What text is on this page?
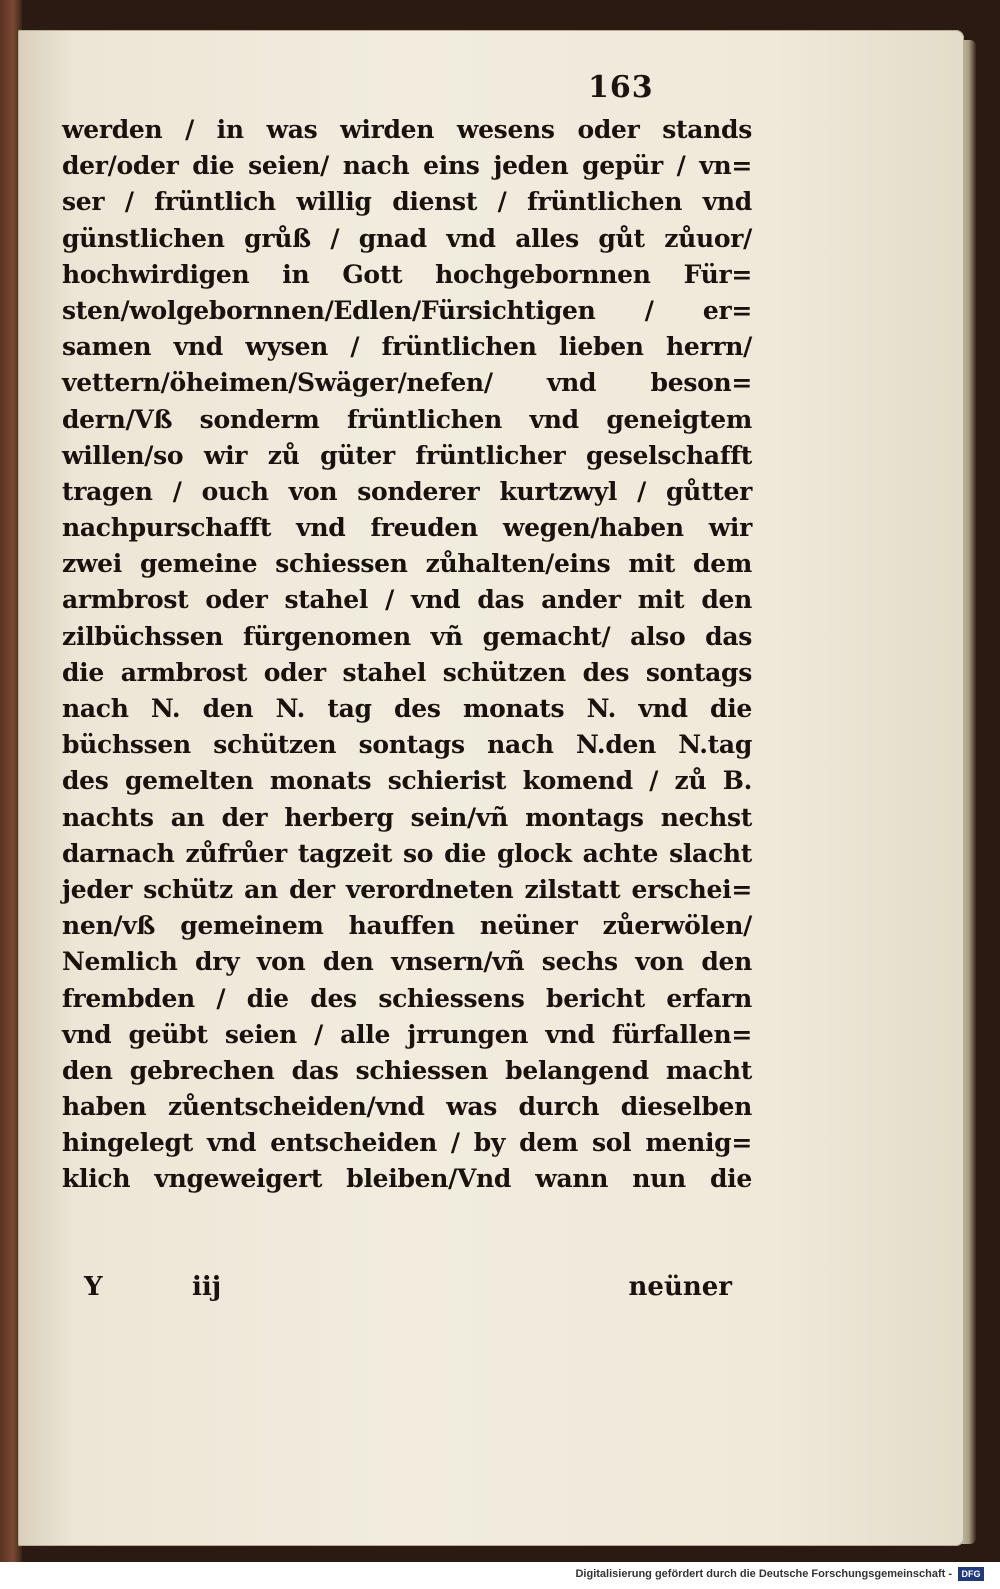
163
werden / in was wirden wesens oder stands
der/oder die seien/ nach eins jeden gepür / vn=
ser / früntlich willig dienst / früntlichen vnd
günstlichen grůß / gnad vnd alles gůt zůuor/
hochwirdigen in Gott hochgebornnen Für=
sten/wolgebornnen/Edlen/Fürsichtigen / er=
samen vnd wysen / früntlichen lieben herrn/
vettern/öheimen/Swäger/nefen/ vnd beson=
dern/Vß sonderm früntlichen vnd geneigtem
willen/so wir zů güter früntlicher geselschafft
tragen / ouch von sonderer kurtzwyl / gůtter
nachpurschafft vnd freuden wegen/haben wir
zwei gemeine schiessen zůhalten/eins mit dem
armbrost oder stahel / vnd das ander mit den
zilbüchssen fürgenomen vñ gemacht/ also das
die armbrost oder stahel schützen des sontags
nach N. den N. tag des monats N. vnd die
büchssen schützen sontags nach N.den N.tag
des gemelten monats schierist komend / zů B.
nachts an der herberg sein/vñ montags nechst
darnach zůfrůer tagzeit so die glock achte slacht
jeder schütz an der verordneten zilstatt erschei=
nen/vß gemeinem hauffen neüner zůerwölen/
Nemlich dry von den vnsern/vñ sechs von den
frembden / die des schiessens bericht erfarn
vnd geübt seien / alle jrrungen vnd fürfallen=
den gebrechen das schiessen belangend macht
haben zůentscheiden/vnd was durch dieselben
hingelegt vnd entscheiden / by dem sol menig=
klich vngeweigert bleiben/Vnd wann nun die
Y	iij	neüner
Digitalisierung gefördert durch die Deutsche Forschungsgemeinschaft -	DFG
